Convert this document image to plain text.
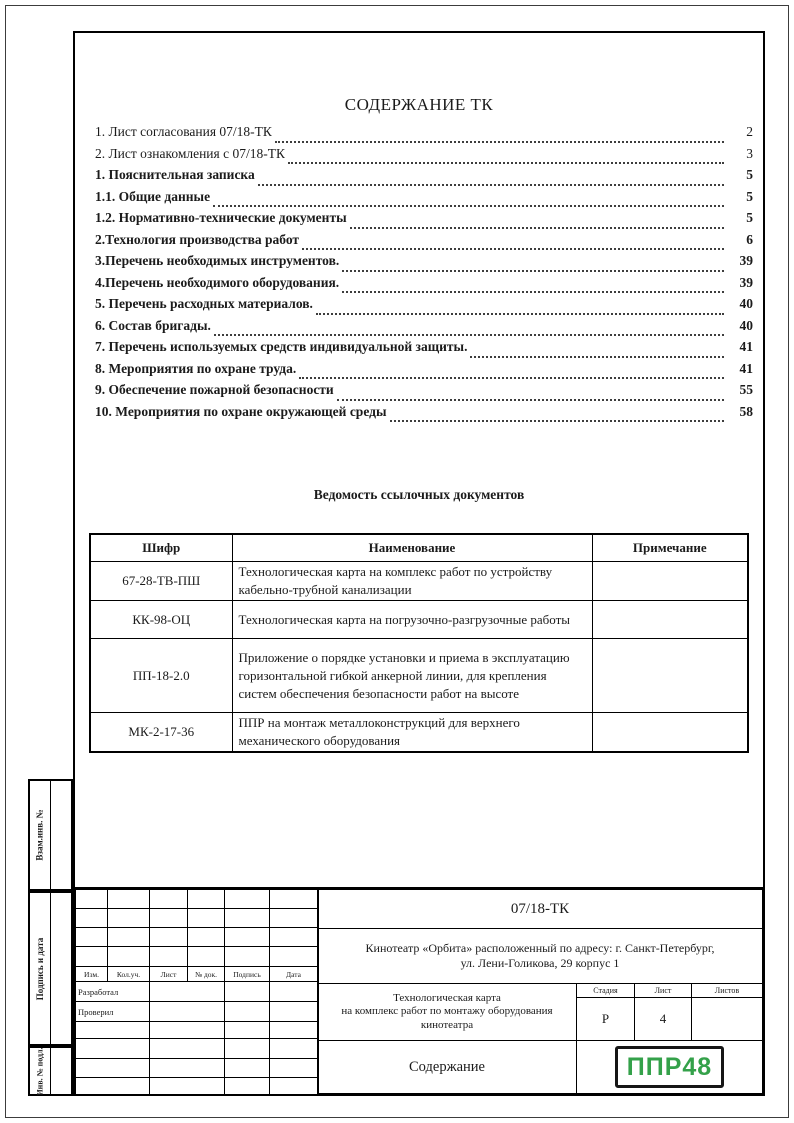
СОДЕРЖАНИЕ ТК
1. Лист согласования 07/18-ТК	2
2. Лист ознакомления с 07/18-ТК	3
1. Пояснительная записка	5
1.1. Общие данные	5
1.2. Нормативно-технические документы	5
2.Технология производства работ	6
3.Перечень необходимых инструментов.	39
4.Перечень необходимого оборудования.	39
5. Перечень расходных материалов.	40
6. Состав бригады.	40
7. Перечень используемых средств индивидуальной защиты.	41
8. Мероприятия по охране труда.	41
9. Обеспечение пожарной безопасности	55
10. Мероприятия по охране окружающей среды	58
Ведомость ссылочных документов
Шифр	Наименование	Примечание
67-28-ТВ-ПШ	Технологическая карта на комплекс работ по устройству кабельно-трубной канализации	
КК-98-ОЦ	Технологическая карта на погрузочно-разгрузочные работы	
ПП-18-2.0	Приложение о порядке установки и приема в эксплуатацию горизонтальной гибкой анкерной линии, для крепления систем обеспечения безопасности работ на высоте	
МК-2-17-36	ППР на монтаж металлоконструкций для верхнего механического оборудования	

Изм.	Кол.уч.	Лист	№ док.	Подпись	Дата
Разработал					
Проверил					

07/18-ТК
Кинотеатр «Орбита» расположенный по адресу: г. Санкт-Петербург,
ул. Лени-Голикова, 29 корпус 1
Технологическая карта
на комплекс работ по монтажу оборудования
кинотеатра
Стадия	Лист	Листов
Р	4
Содержание	ППР48
Взам.инв. №
Подпись и дата
Инв. № подл.
